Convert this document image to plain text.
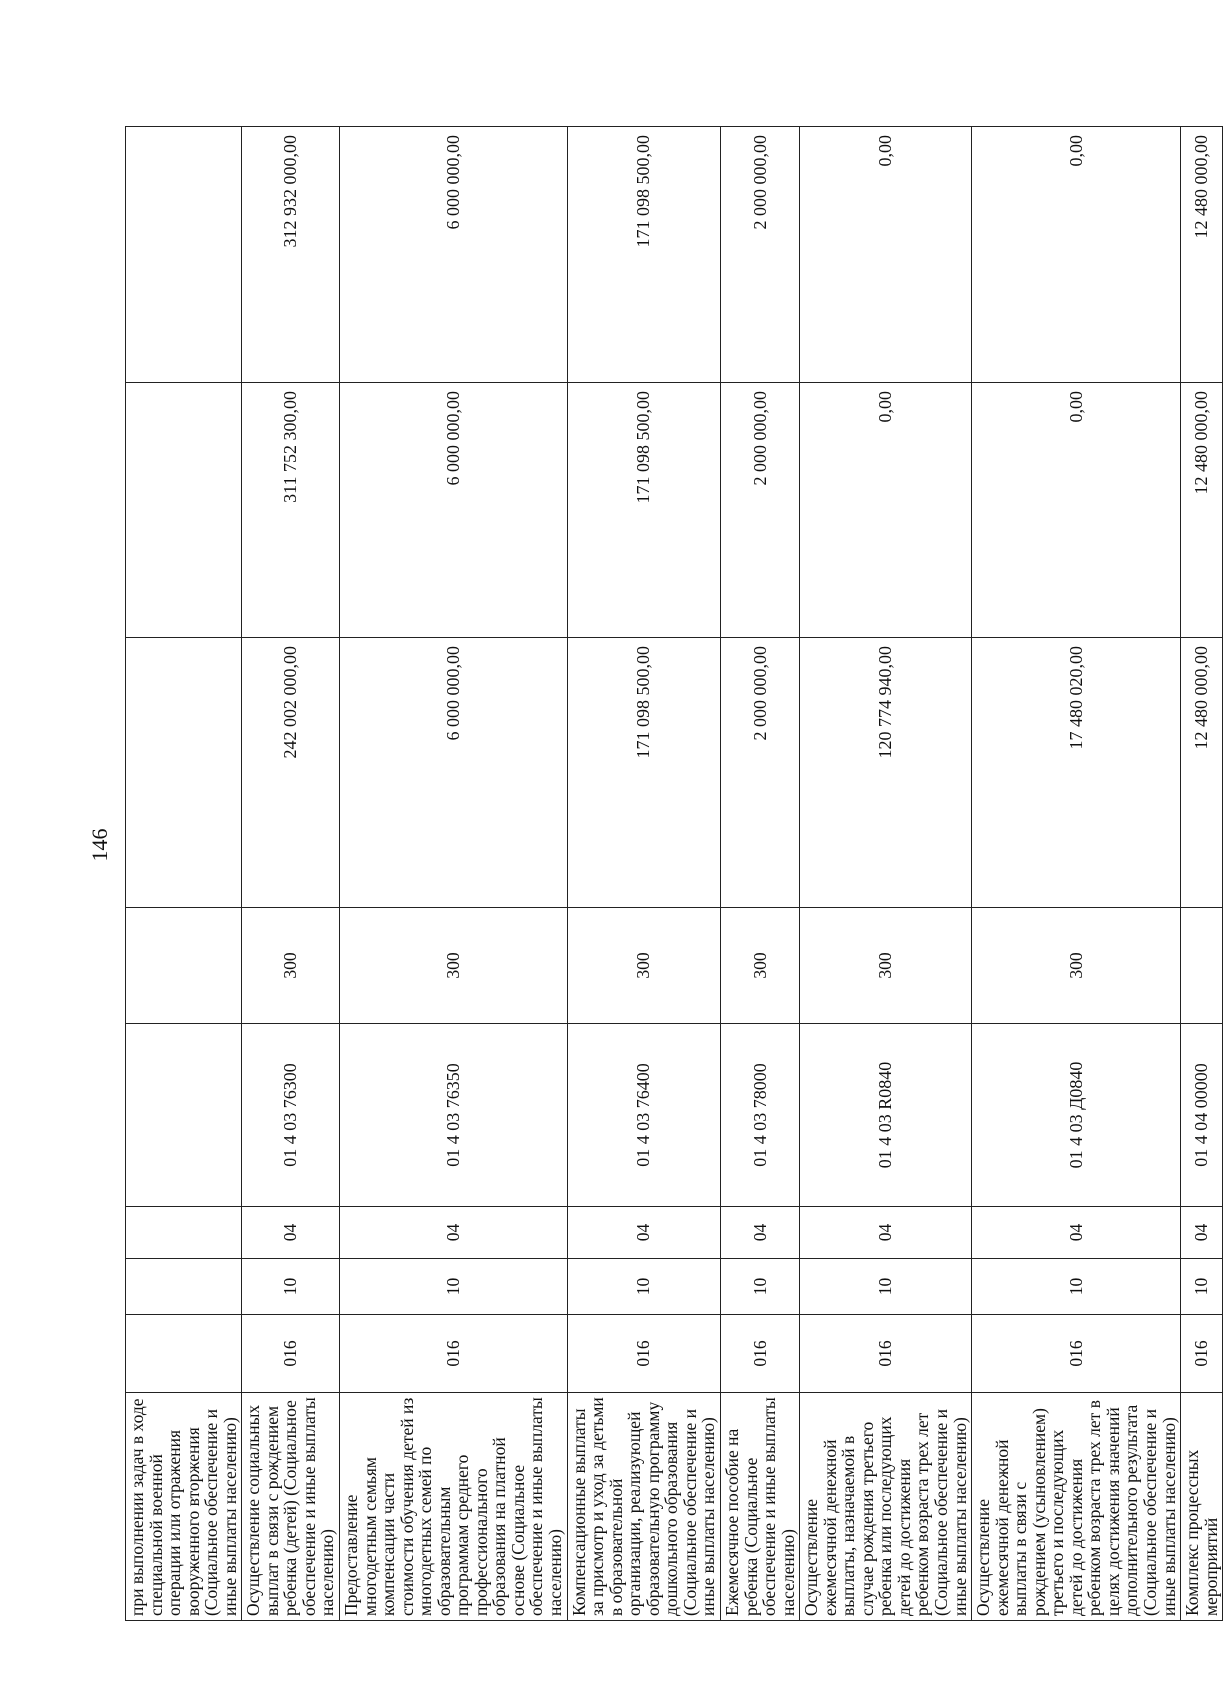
146
при выполнении задач в ходе специальной военной операции или отражения вооруженного вторжения (Социальное обеспечение и иные выплаты населению)								
Осуществление социальных выплат в связи с рождением ребенка (детей) (Социальное обеспечение и иные выплаты населению)	016	10	04	01 4 03 76300	300	242 002 000,00	311 752 300,00	312 932 000,00
Предоставление многодетным семьям компенсации части стоимости обучения детей из многодетных семей по образовательным программам среднего профессионального образования на платной основе (Социальное обеспечение и иные выплаты населению)	016	10	04	01 4 03 76350	300	6 000 000,00	6 000 000,00	6 000 000,00
Компенсационные выплаты за присмотр и уход за детьми в образовательной организации, реализующей образовательную программу дошкольного образования (Социальное обеспечение и иные выплаты населению)	016	10	04	01 4 03 76400	300	171 098 500,00	171 098 500,00	171 098 500,00
Ежемесячное пособие на ребенка (Социальное обеспечение и иные выплаты населению)	016	10	04	01 4 03 78000	300	2 000 000,00	2 000 000,00	2 000 000,00
Осуществление ежемесячной денежной выплаты, назначаемой в случае рождения третьего ребенка или последующих детей до достижения ребенком возраста трех лет (Социальное обеспечение и иные выплаты населению)	016	10	04	01 4 03 R0840	300	120 774 940,00	0,00	0,00
Осуществление ежемесячной денежной выплаты в связи с рождением (усыновлением) третьего и последующих детей до достижения ребенком возраста трех лет в целях достижения значений дополнительного результата (Социальное обеспечение и иные выплаты населению)	016	10	04	01 4 03 Д0840	300	17 480 020,00	0,00	0,00
Комплекс процессных мероприятий	016	10	04	01 4 04 00000		12 480 000,00	12 480 000,00	12 480 000,00
